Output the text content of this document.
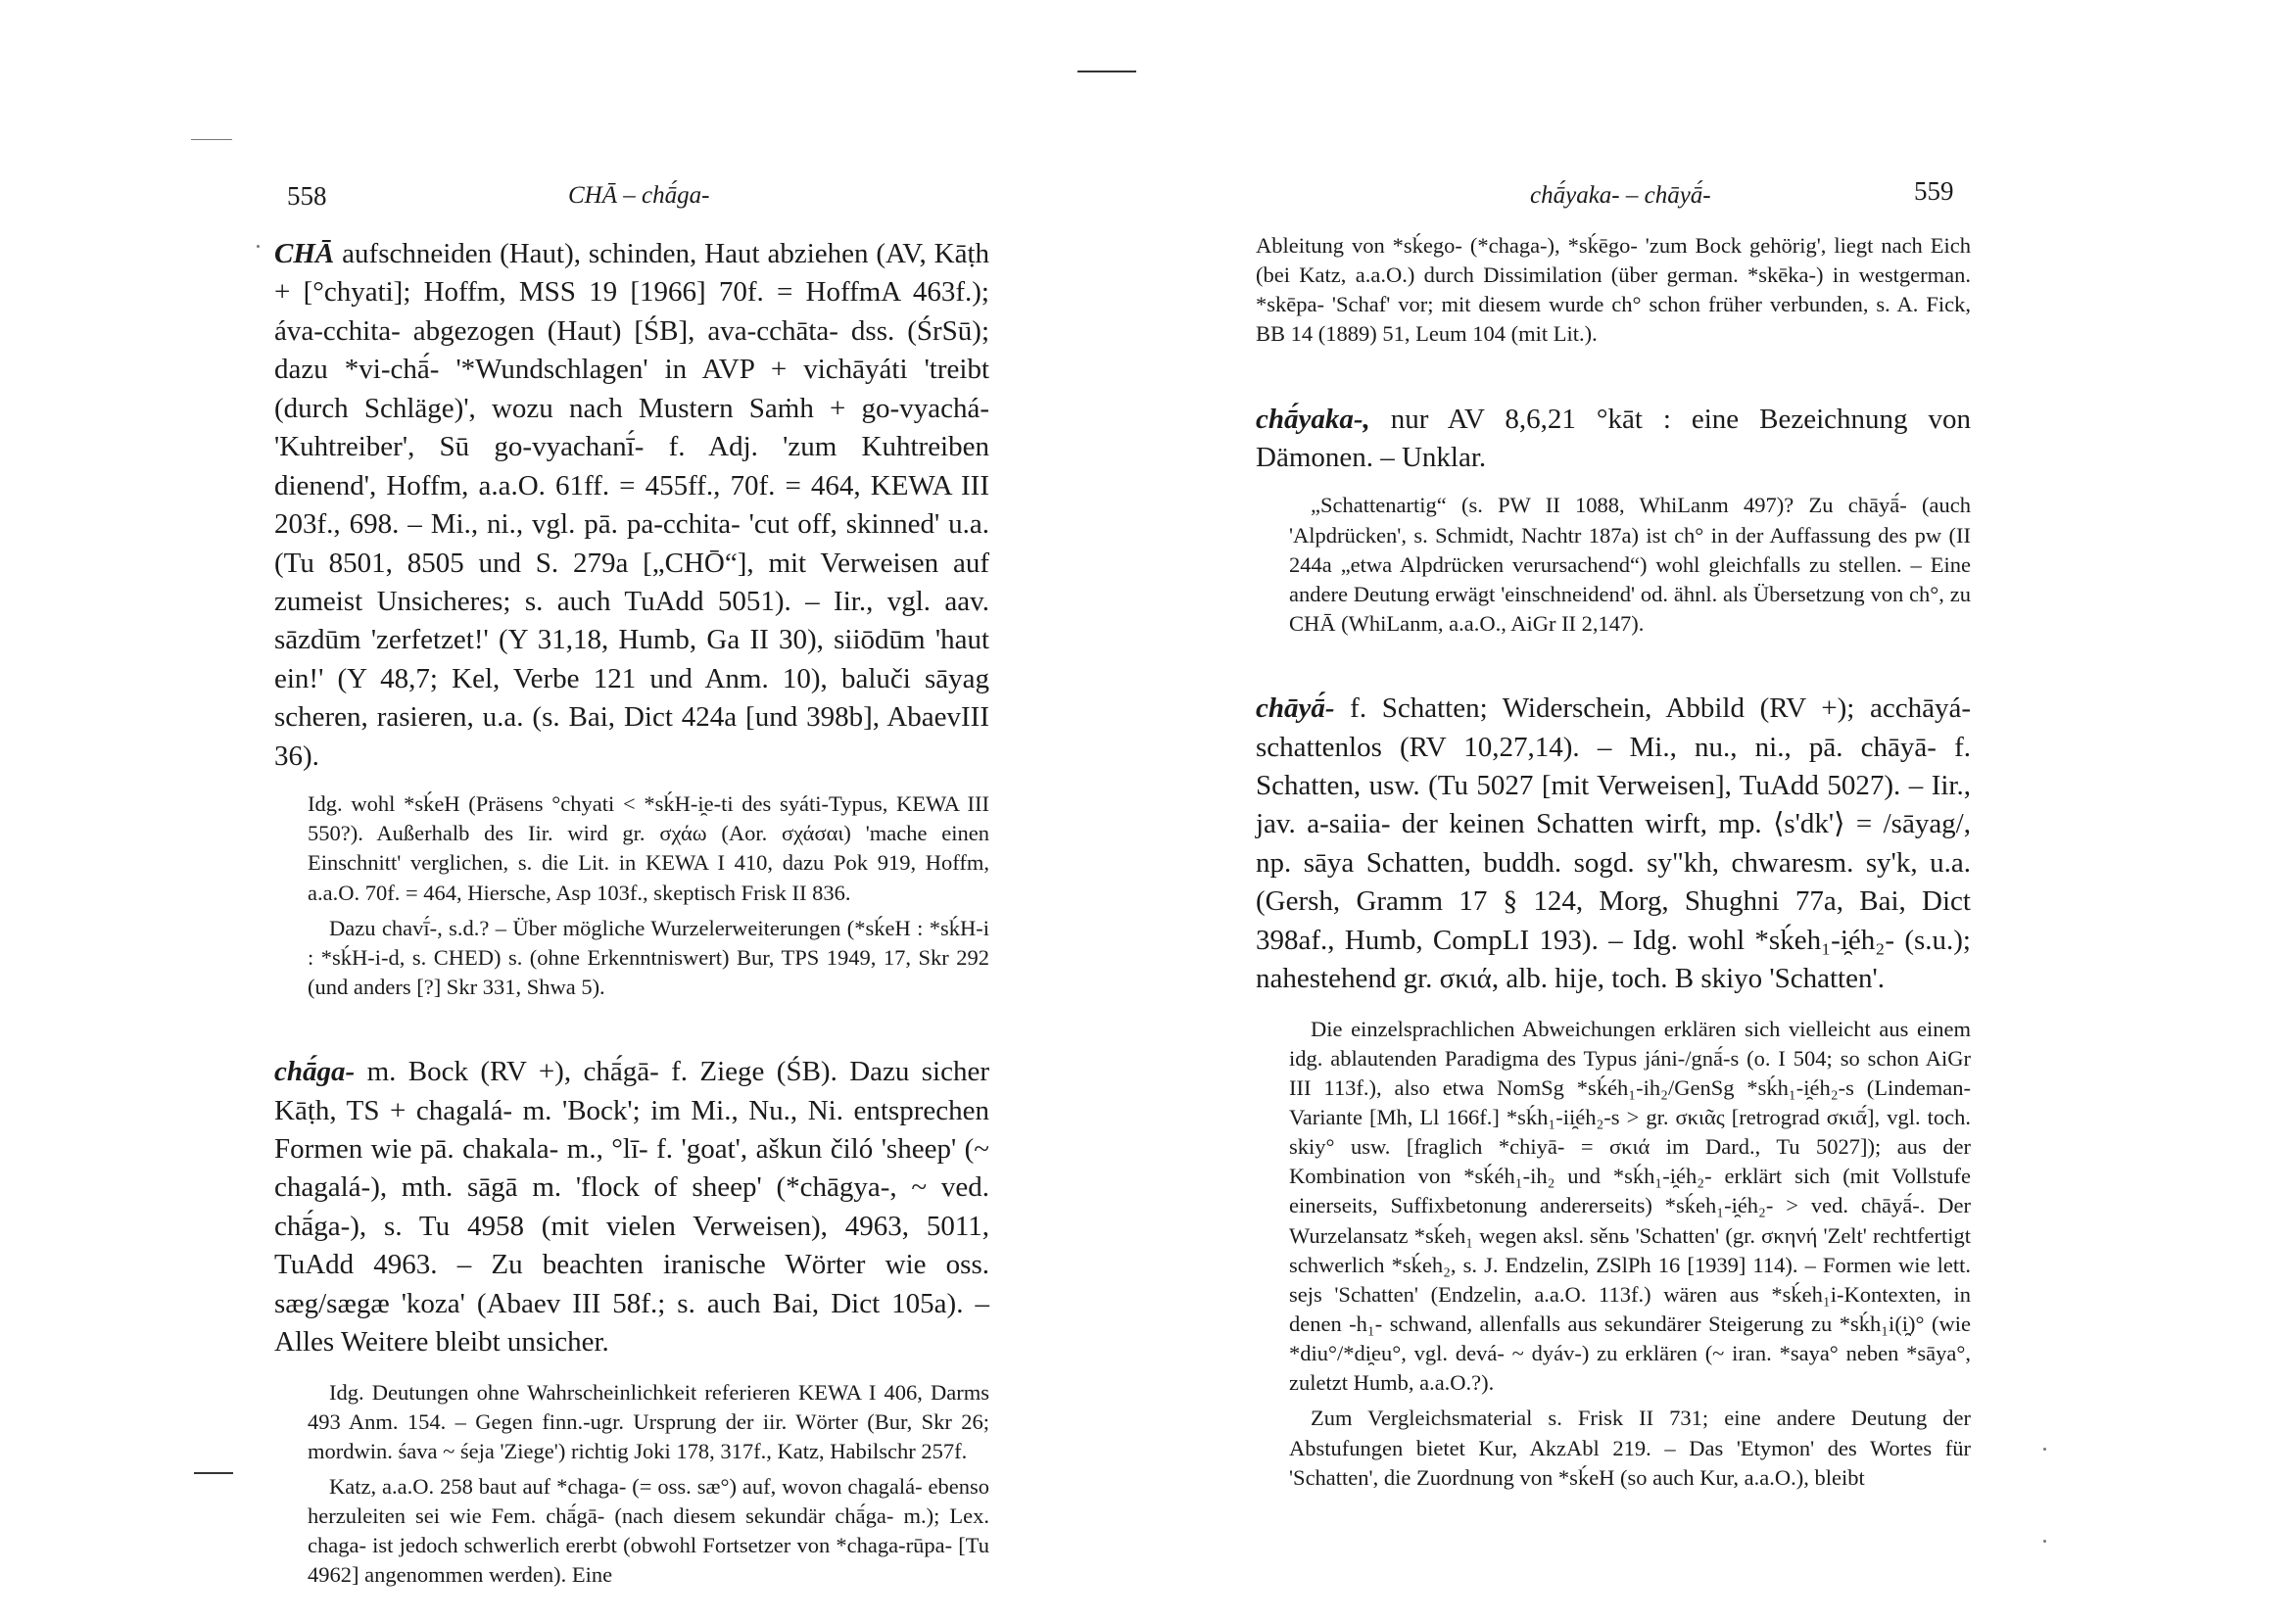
558	CHĀ – chā́ga-

CHĀ aufschneiden (Haut), schinden, Haut abziehen (AV, Kāṭh + [°chyati]; Hoffm, MSS 19 [1966] 70f. = HoffmA 463f.); áva-cchita- abgezogen (Haut) [ŚB], ava-cchāta- dss. (ŚrSū); dazu *vi-chā́- '*Wundschlagen' in AVP + vichāyáti 'treibt (durch Schläge)', wozu nach Mustern Saṁh + go-vyachá- 'Kuhtreiber', Sū go-vyachanī́- f. Adj. 'zum Kuhtreiben dienend', Hoffm, a.a.O. 61ff. = 455ff., 70f. = 464, KEWA III 203f., 698. – Mi., ni., vgl. pā. pa-cchita- 'cut off, skinned' u.a. (Tu 8501, 8505 und S. 279a [„CHŌ“], mit Verweisen auf zumeist Unsicheres; s. auch TuAdd 5051). – Iir., vgl. aav. sāzdūm 'zerfetzet!' (Y 31,18, Humb, Ga II 30), siiōdūm 'haut ein!' (Y 48,7; Kel, Verbe 121 und Anm. 10), baluči sāyag scheren, rasieren, u.a. (s. Bai, Dict 424a [und 398b], AbaevIII 36).

Idg. wohl *sḱeH (Präsens °chyati < *sḱH-i̯e-ti des syáti-Typus, KEWA III 550?). Außerhalb des Iir. wird gr. σχάω (Aor. σχάσαι) 'mache einen Einschnitt' verglichen, s. die Lit. in KEWA I 410, dazu Pok 919, Hoffm, a.a.O. 70f. = 464, Hiersche, Asp 103f., skeptisch Frisk II 836.

Dazu chavī́-, s.d.? – Über mögliche Wurzelerweiterungen (*sḱeH : *sḱH-i : *sḱH-i-d, s. CHED) s. (ohne Erkenntniswert) Bur, TPS 1949, 17, Skr 292 (und anders [?] Skr 331, Shwa 5).

chā́ga- m. Bock (RV +), chā́gā- f. Ziege (ŚB). Dazu sicher Kāṭh, TS + chagalá- m. 'Bock'; im Mi., Nu., Ni. entsprechen Formen wie pā. chakala- m., °lī- f. 'goat', aškun čiló 'sheep' (~ chagalá-), mth. sāgā m. 'flock of sheep' (*chāgya-, ~ ved. chā́ga-), s. Tu 4958 (mit vielen Verweisen), 4963, 5011, TuAdd 4963. – Zu beachten iranische Wörter wie oss. sæg/sægæ 'koza' (Abaev III 58f.; s. auch Bai, Dict 105a). – Alles Weitere bleibt unsicher.

Idg. Deutungen ohne Wahrscheinlichkeit referieren KEWA I 406, Darms 493 Anm. 154. – Gegen finn.-ugr. Ursprung der iir. Wörter (Bur, Skr 26; mordwin. śava ~ śeja 'Ziege') richtig Joki 178, 317f., Katz, Habilschr 257f.

Katz, a.a.O. 258 baut auf *chaga- (= oss. sæ°) auf, wovon chagalá- ebenso herzuleiten sei wie Fem. chā́gā- (nach diesem sekundär chā́ga- m.); Lex. chaga- ist jedoch schwerlich ererbt (obwohl Fortsetzer von *chaga-rūpa- [Tu 4962] angenommen werden). Eine

chā́yaka- – chāyā́-	559

Ableitung von *sḱego- (*chaga-), *sḱēgo- 'zum Bock gehörig', liegt nach Eich (bei Katz, a.a.O.) durch Dissimilation (über german. *skēka-) in westgerman. *skēpa- 'Schaf' vor; mit diesem wurde ch° schon früher verbunden, s. A. Fick, BB 14 (1889) 51, Leum 104 (mit Lit.).

chā́yaka-, nur AV 8,6,21 °kāt : eine Bezeichnung von Dämonen. – Unklar.

„Schattenartig“ (s. PW II 1088, WhiLanm 497)? Zu chāyā́- (auch 'Alpdrücken', s. Schmidt, Nachtr 187a) ist ch° in der Auffassung des pw (II 244a „etwa Alpdrücken verursachend“) wohl gleichfalls zu stellen. – Eine andere Deutung erwägt 'einschneidend' od. ähnl. als Übersetzung von ch°, zu CHĀ (WhiLanm, a.a.O., AiGr II 2,147).

chāyā́- f. Schatten; Widerschein, Abbild (RV +); acchāyá- schattenlos (RV 10,27,14). – Mi., nu., ni., pā. chāyā- f. Schatten, usw. (Tu 5027 [mit Verweisen], TuAdd 5027). – Iir., jav. a-saiia- der keinen Schatten wirft, mp. ⟨s'dk'⟩ = /sāyag/, np. sāya Schatten, buddh. sogd. sy"kh, chwaresm. sy'k, u.a. (Gersh, Gramm 17 § 124, Morg, Shughni 77a, Bai, Dict 398af., Humb, CompLI 193). – Idg. wohl *sḱeh₁-i̯éh₂- (s.u.); nahestehend gr. σκιά, alb. hije, toch. B skiyo 'Schatten'.

Die einzelsprachlichen Abweichungen erklären sich vielleicht aus einem idg. ablautenden Paradigma des Typus jáni-/gnā́-s (o. I 504; so schon AiGr III 113f.), also etwa NomSg *sḱéh₁-ih₂/GenSg *sḱh₁-i̯éh₂-s (Lindeman-Variante [Mh, Ll 166f.] *sḱh₁-ii̯éh₂-s > gr. σκιᾶς [retrograd σκιᾱ́], vgl. toch. skiy° usw. [fraglich *chiyā- = σκιά im Dard., Tu 5027]); aus der Kombination von *sḱéh₁-ih₂ und *sḱh₁-i̯éh₂- erklärt sich (mit Vollstufe einerseits, Suffixbetonung andererseits) *sḱeh₁-i̯éh₂- > ved. chāyā́-. Der Wurzelansatz *sḱeh₁ wegen aksl. sěnь 'Schatten' (gr. σκηνή 'Zelt' rechtfertigt schwerlich *sḱeh₂, s. J. Endzelin, ZSlPh 16 [1939] 114). – Formen wie lett. sejs 'Schatten' (Endzelin, a.a.O. 113f.) wären aus *sḱeh₁i-Kontexten, in denen -h₁- schwand, allenfalls aus sekundärer Steigerung zu *sḱh₁i(i̯)° (wie *diu°/*di̯eu°, vgl. devá- ~ dyáv-) zu erklären (~ iran. *saya° neben *sāya°, zuletzt Humb, a.a.O.?).

Zum Vergleichsmaterial s. Frisk II 731; eine andere Deutung der Abstufungen bietet Kur, AkzAbl 219. – Das 'Etymon' des Wortes für 'Schatten', die Zuordnung von *sḱeH (so auch Kur, a.a.O.), bleibt
